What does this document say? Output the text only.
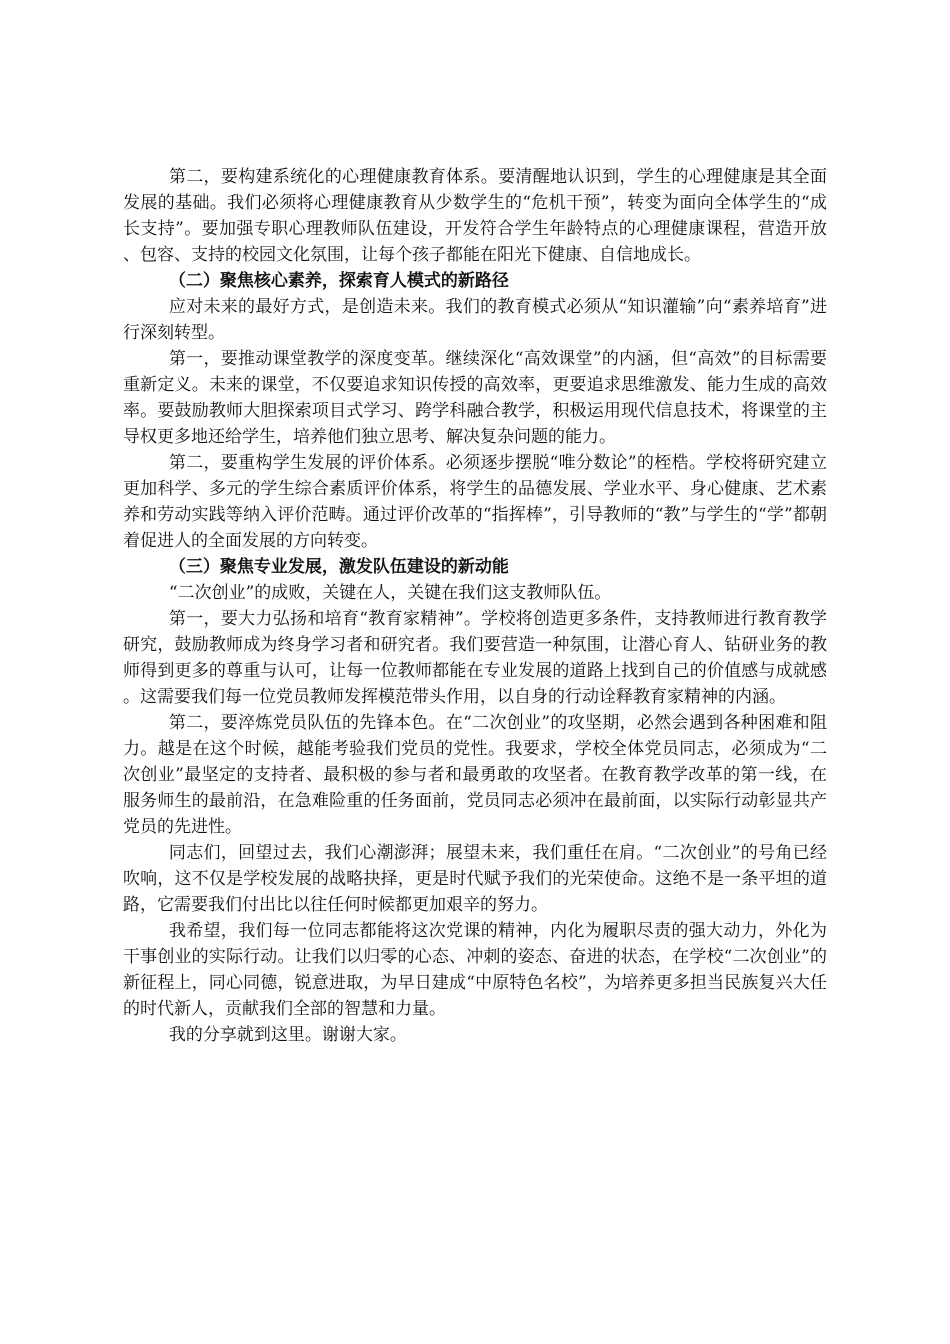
第二，要构建系统化的心理健康教育体系。要清醒地认识到，学生的心理健康是其全面发展的基础。我们必须将心理健康教育从少数学生的“危机干预”，转变为面向全体学生的“成长支持”。要加强专职心理教师队伍建设，开发符合学生年龄特点的心理健康课程，营造开放、包容、支持的校园文化氛围，让每个孩子都能在阳光下健康、自信地成长。

（二）聚焦核心素养，探索育人模式的新路径

应对未来的最好方式，是创造未来。我们的教育模式必须从“知识灌输”向“素养培育”进行深刻转型。

第一，要推动课堂教学的深度变革。继续深化“高效课堂”的内涵，但“高效”的目标需要重新定义。未来的课堂，不仅要追求知识传授的高效率，更要追求思维激发、能力生成的高效率。要鼓励教师大胆探索项目式学习、跨学科融合教学，积极运用现代信息技术，将课堂的主导权更多地还给学生，培养他们独立思考、解决复杂问题的能力。

第二，要重构学生发展的评价体系。必须逐步摆脱“唯分数论”的桎梏。学校将研究建立更加科学、多元的学生综合素质评价体系，将学生的品德发展、学业水平、身心健康、艺术素养和劳动实践等纳入评价范畴。通过评价改革的“指挥棒”，引导教师的“教”与学生的“学”都朝着促进人的全面发展的方向转变。

（三）聚焦专业发展，激发队伍建设的新动能

“二次创业”的成败，关键在人，关键在我们这支教师队伍。

第一，要大力弘扬和培育“教育家精神”。学校将创造更多条件，支持教师进行教育教学研究，鼓励教师成为终身学习者和研究者。我们要营造一种氛围，让潜心育人、钻研业务的教师得到更多的尊重与认可，让每一位教师都能在专业发展的道路上找到自己的价值感与成就感。这需要我们每一位党员教师发挥模范带头作用，以自身的行动诠释教育家精神的内涵。

第二，要淬炼党员队伍的先锋本色。在“二次创业”的攻坚期，必然会遇到各种困难和阻力。越是在这个时候，越能考验我们党员的党性。我要求，学校全体党员同志，必须成为“二次创业”最坚定的支持者、最积极的参与者和最勇敢的攻坚者。在教育教学改革的第一线，在服务师生的最前沿，在急难险重的任务面前，党员同志必须冲在最前面，以实际行动彰显共产党员的先进性。

同志们，回望过去，我们心潮澎湃；展望未来，我们重任在肩。“二次创业”的号角已经吹响，这不仅是学校发展的战略抉择，更是时代赋予我们的光荣使命。这绝不是一条平坦的道路，它需要我们付出比以往任何时候都更加艰辛的努力。

我希望，我们每一位同志都能将这次党课的精神，内化为履职尽责的强大动力，外化为干事创业的实际行动。让我们以归零的心态、冲刺的姿态、奋进的状态，在学校“二次创业”的新征程上，同心同德，锐意进取，为早日建成“中原特色名校”，为培养更多担当民族复兴大任的时代新人，贡献我们全部的智慧和力量。

我的分享就到这里。谢谢大家。
